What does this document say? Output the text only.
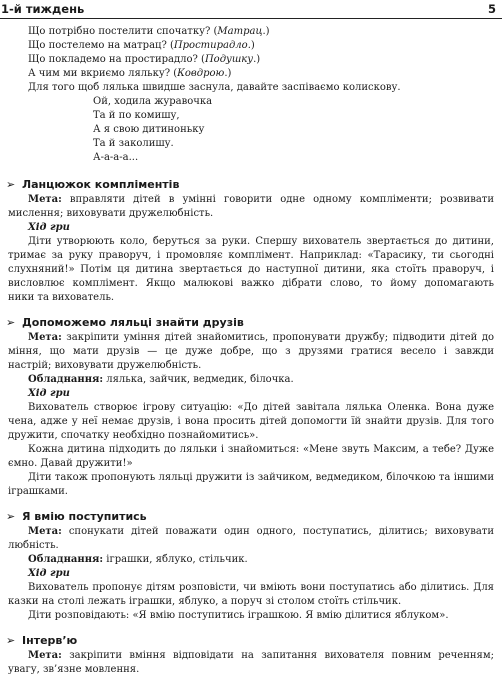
1-й тиждень	5
Що потрібно постелити спочатку? (Матрац.)
Що постелемо на матрац? (Простирадло.)
Що покладемо на простирадло? (Подушку.)
А чим ми вкриємо ляльку? (Ковдрою.)
Для того щоб лялька швидше заснула, давайте заспіваємо колискову.
Ой, ходила журавочка
Та й по комишу,
А я свою дитиноньку
Та й заколишу.
А-а-а-а...
➢ Ланцюжок компліментів
Мета: вправляти дітей в умінні говорити одне одному компліменти; розвивати
мислення; виховувати дружелюбність.
Хід гри
Діти утворюють коло, беруться за руки. Спершу вихователь звертається до дитини,
тримає за руку праворуч, і промовляє комплімент. Наприклад: «Тарасику, ти сьогодні
слухняний!» Потім ця дитина звертається до наступної дитини, яка стоїть праворуч, і
висловлює комплімент. Якщо малюкові важко дібрати слово, то йому допомагають
ники та вихователь.
➢ Допоможемо ляльці знайти друзів
Мета: закріпити уміння дітей знайомитись, пропонувати дружбу; підводити дітей до
міння, що мати друзів — це дуже добре, що з друзями гратися весело і завжди
настрій; виховувати дружелюбність.
Обладнання: лялька, зайчик, ведмедик, білочка.
Хід гри
Вихователь створює ігрову ситуацію: «До дітей завітала лялька Оленка. Вона дуже
чена, адже у неї немає друзів, і вона просить дітей допомогти їй знайти друзів. Для того
дружити, спочатку необхідно познайомитись».
Кожна дитина підходить до ляльки і знайомиться: «Мене звуть Максим, а тебе? Дуже
ємно. Давай дружити!»
Діти також пропонують ляльці дружити із зайчиком, ведмедиком, білочкою та іншими
іграшками.
➢ Я вмію поступитись
Мета: спонукати дітей поважати один одного, поступатись, ділитись; виховувати
любність.
Обладнання: іграшки, яблуко, стільчик.
Хід гри
Вихователь пропонує дітям розповісти, чи вміють вони поступатись або ділитись. Для
казки на столі лежать іграшки, яблуко, а поруч зі столом стоїть стільчик.
Діти розповідають: «Я вмію поступитись іграшкою. Я вмію ділитися яблуком».
➢ Інтерв’ю
Мета: закріпити вміння відповідати на запитання вихователя повним реченням;
увагу, зв’язне мовлення.
